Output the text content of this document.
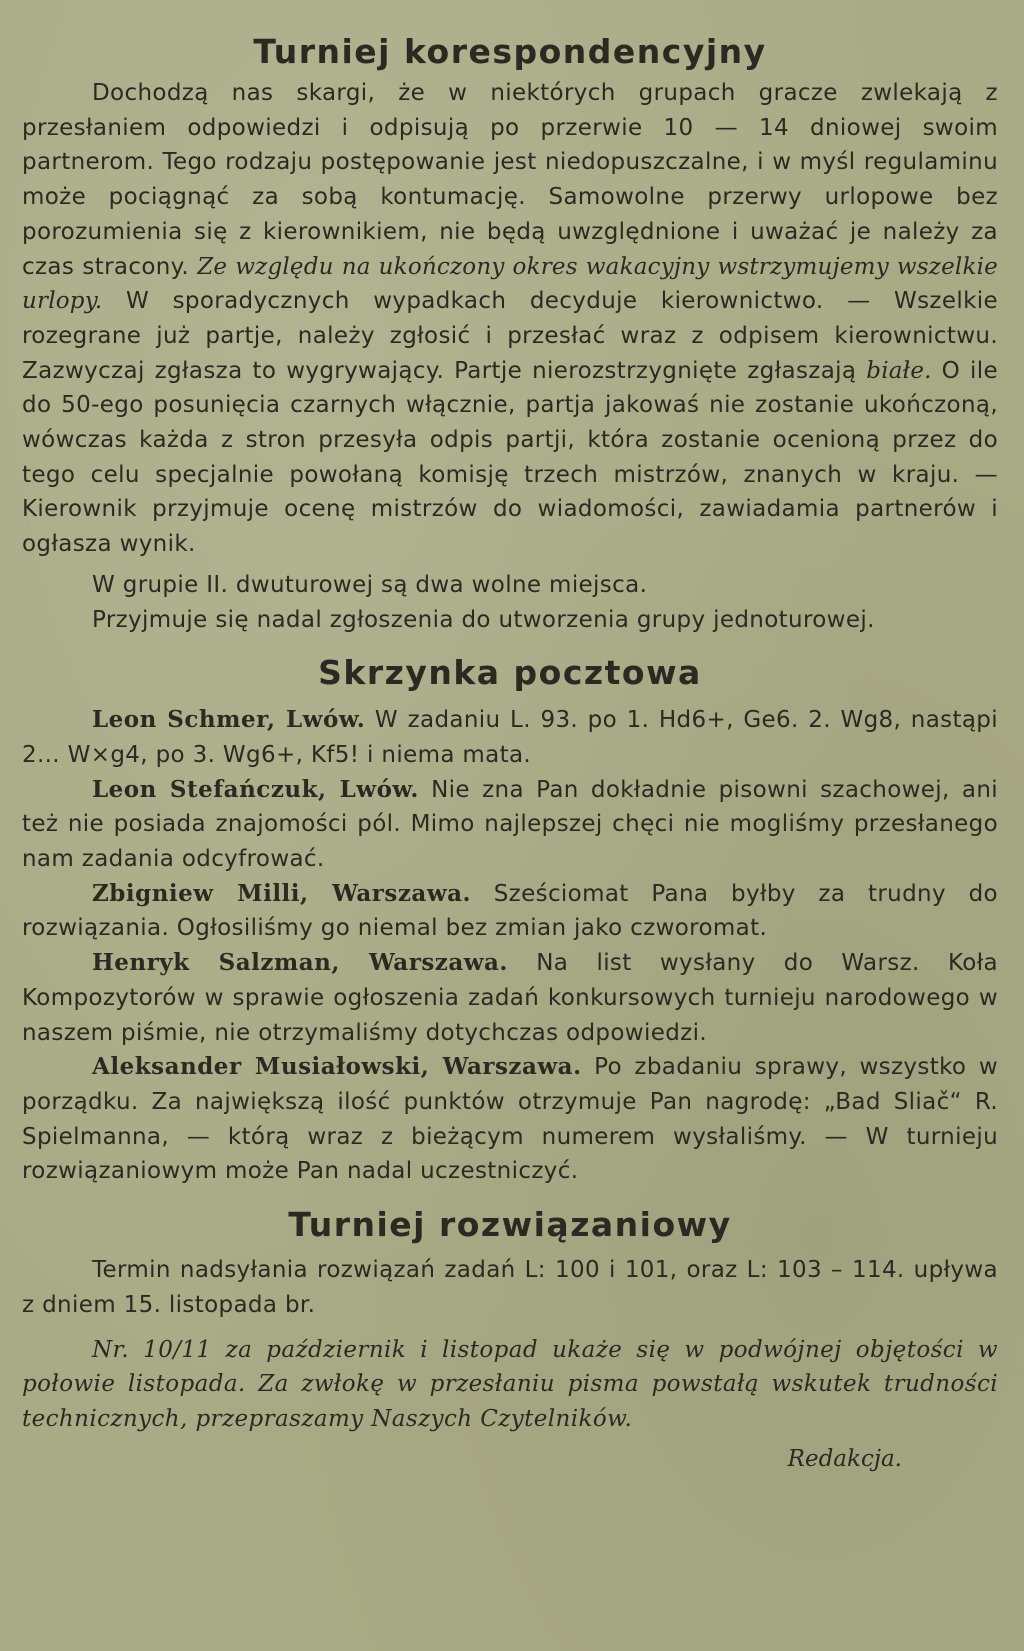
Turniej korespondencyjny

Dochodzą nas skargi, że w niektórych grupach gracze zwlekają z przesłaniem odpowiedzi i odpisują po przerwie 10 — 14 dniowej swoim partnerom. Tego rodzaju postępowanie jest niedopuszczalne, i w myśl regulaminu może pociągnąć za sobą kontumację. Samowolne przerwy urlopowe bez porozumienia się z kierownikiem, nie będą uwzględnione i uważać je należy za czas stracony. Ze względu na ukończony okres wakacyjny wstrzymujemy wszelkie urlopy. W sporadycznych wypadkach decyduje kierownictwo. — Wszelkie rozegrane już partje, należy zgłosić i przesłać wraz z odpisem kierownictwu. Zazwyczaj zgłasza to wygrywający. Partje nierozstrzygnięte zgłaszają białe. O ile do 50-ego posunięcia czarnych włącznie, partja jakowaś nie zostanie ukończoną, wówczas każda z stron przesyła odpis partji, która zostanie ocenioną przez do tego celu specjalnie powołaną komisję trzech mistrzów, znanych w kraju. — Kierownik przyjmuje ocenę mistrzów do wiadomości, zawiadamia partnerów i ogłasza wynik.

W grupie II. dwuturowej są dwa wolne miejsca.

Przyjmuje się nadal zgłoszenia do utworzenia grupy jednoturowej.

Skrzynka pocztowa

Leon Schmer, Lwów. W zadaniu L. 93. po 1. Hd6+, Ge6. 2. Wg8, nastąpi 2... W×g4, po 3. Wg6+, Kf5! i niema mata.

Leon Stefańczuk, Lwów. Nie zna Pan dokładnie pisowni szachowej, ani też nie posiada znajomości pól. Mimo najlepszej chęci nie mogliśmy przesłanego nam zadania odcyfrować.

Zbigniew Milli, Warszawa. Sześciomat Pana byłby za trudny do rozwiązania. Ogłosiliśmy go niemal bez zmian jako czworomat.

Henryk Salzman, Warszawa. Na list wysłany do Warsz. Koła Kompozytorów w sprawie ogłoszenia zadań konkursowych turnieju narodowego w naszem piśmie, nie otrzymaliśmy dotychczas odpowiedzi.

Aleksander Musiałowski, Warszawa. Po zbadaniu sprawy, wszystko w porządku. Za największą ilość punktów otrzymuje Pan nagrodę: „Bad Sliač“ R. Spielmanna, — którą wraz z bieżącym numerem wysłaliśmy. — W turnieju rozwiązaniowym może Pan nadal uczestniczyć.

Turniej rozwiązaniowy

Termin nadsyłania rozwiązań zadań L: 100 i 101, oraz L: 103 – 114. upływa z dniem 15. listopada br.

Nr. 10/11 za październik i listopad ukaże się w podwójnej objętości w połowie listopada. Za zwłokę w przesłaniu pisma powstałą wskutek trudności technicznych, przepraszamy Naszych Czytelników.

Redakcja.
